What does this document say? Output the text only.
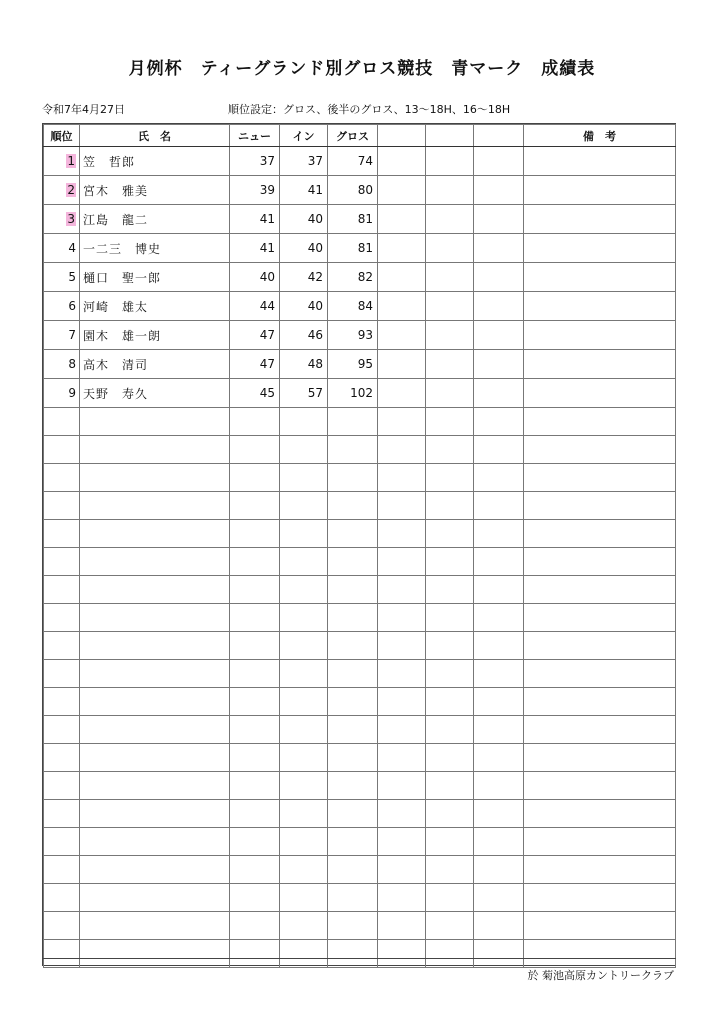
月例杯　ティーグランド別グロス競技　青マーク　成績表
令和7年4月27日	順位設定：グロス、後半のグロス、13〜18H、16〜18H
順位	氏　名	ニュー	イン	グロス				備　考
1	笠　哲郎	37	37	74				
2	宮木　雅美	39	41	80				
3	江島　龍二	41	40	81				
4	一二三　博史	41	40	81				
5	樋口　聖一郎	40	42	82				
6	河崎　雄太	44	40	84				
7	園木　雄一朗	47	46	93				
8	高木　清司	47	48	95				
9	天野　寿久	45	57	102				

於 菊池高原カントリークラブ
